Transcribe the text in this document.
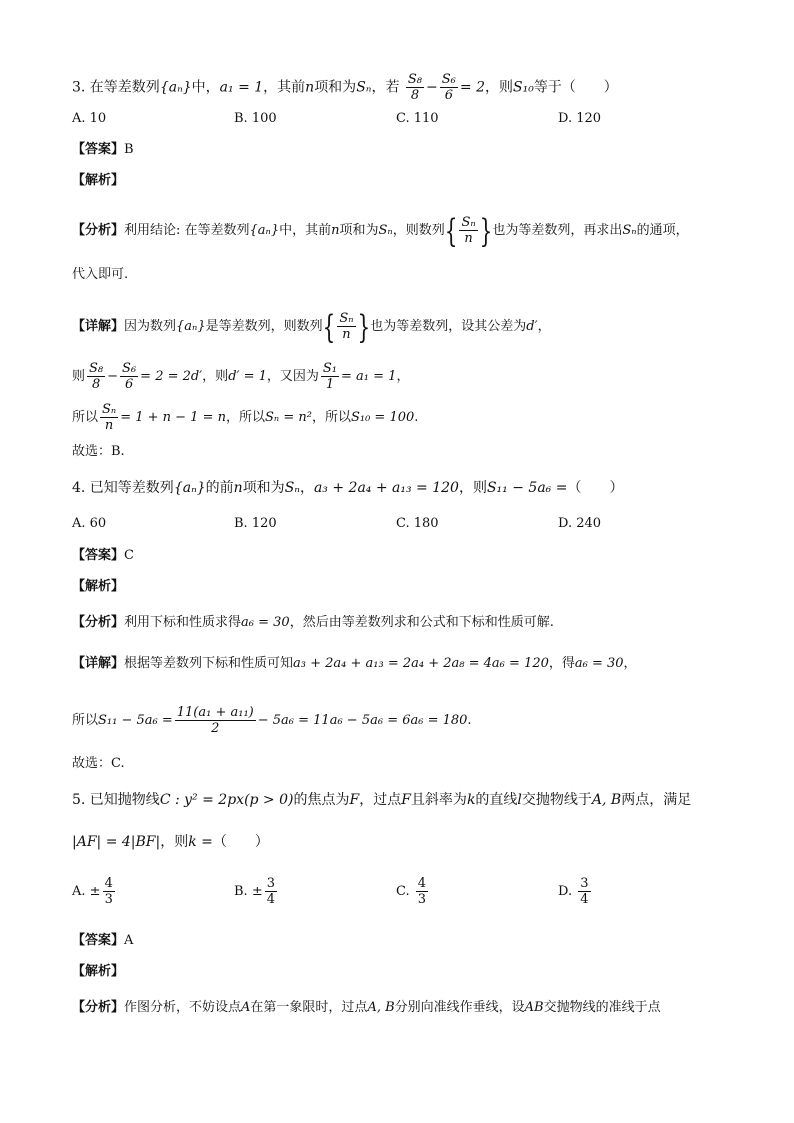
3. 在等差数列{aₙ}中，a₁ = 1，其前n项和为Sₙ，若 $\frac{\text{S₈}}{8} - \frac{\text{S₆}}{6} = 2$，则S₁₀等于（　　）
A. 10	B. 100	C. 110	D. 120
【答案】B
【解析】
【分析】利用结论: 在等差数列{aₙ}中，其前n项和为Sₙ，则数列{ $\frac{\text{Sₙ}}{n}$ }也为等差数列，再求出Sₙ的通项，
代入即可.
【详解】因为数列{aₙ}是等差数列，则数列{ $\frac{\text{Sₙ}}{n}$ }也为等差数列，设其公差为d′，
则 $\frac{\text{S₈}}{8} - \frac{\text{S₆}}{6} = 2 = 2d'$，则d′ = 1，又因为 $\frac{\text{S₁}}{1} = a_1 = 1$，
所以 $\frac{\text{Sₙ}}{n} = 1 + n - 1 = n$，所以Sₙ = n²，所以S₁₀ = 100.
故选：B.
4. 已知等差数列{aₙ}的前n项和为Sₙ，a₃ + 2a₄ + a₁₃ = 120，则S₁₁ − 5a₆ =（　　）
A. 60	B. 120	C. 180	D. 240
【答案】C
【解析】
【分析】利用下标和性质求得a₆ = 30，然后由等差数列求和公式和下标和性质可解.
【详解】根据等差数列下标和性质可知a₃ + 2a₄ + a₁₃ = 2a₄ + 2a₈ = 4a₆ = 120，得a₆ = 30，
所以$S_{11} - 5a_6 = \frac{\text{11(a₁ + a₁₁)}}{2} - 5a_6 = 11a_6 - 5a_6 = 6a_6 = 180$.
故选：C.
5. 已知抛物线C : y² = 2px(p > 0)的焦点为F，过点F且斜率为k的直线l交抛物线于A, B两点，满足
|AF| = 4|BF|，则k =（　　）
A. ± $\frac{4}{3}$	B. ± $\frac{3}{4}$	C. $\frac{4}{3}$	D. $\frac{3}{4}$
【答案】A
【解析】
【分析】作图分析，不妨设点A在第一象限时，过点A, B分别向准线作垂线，设AB交抛物线的准线于点
